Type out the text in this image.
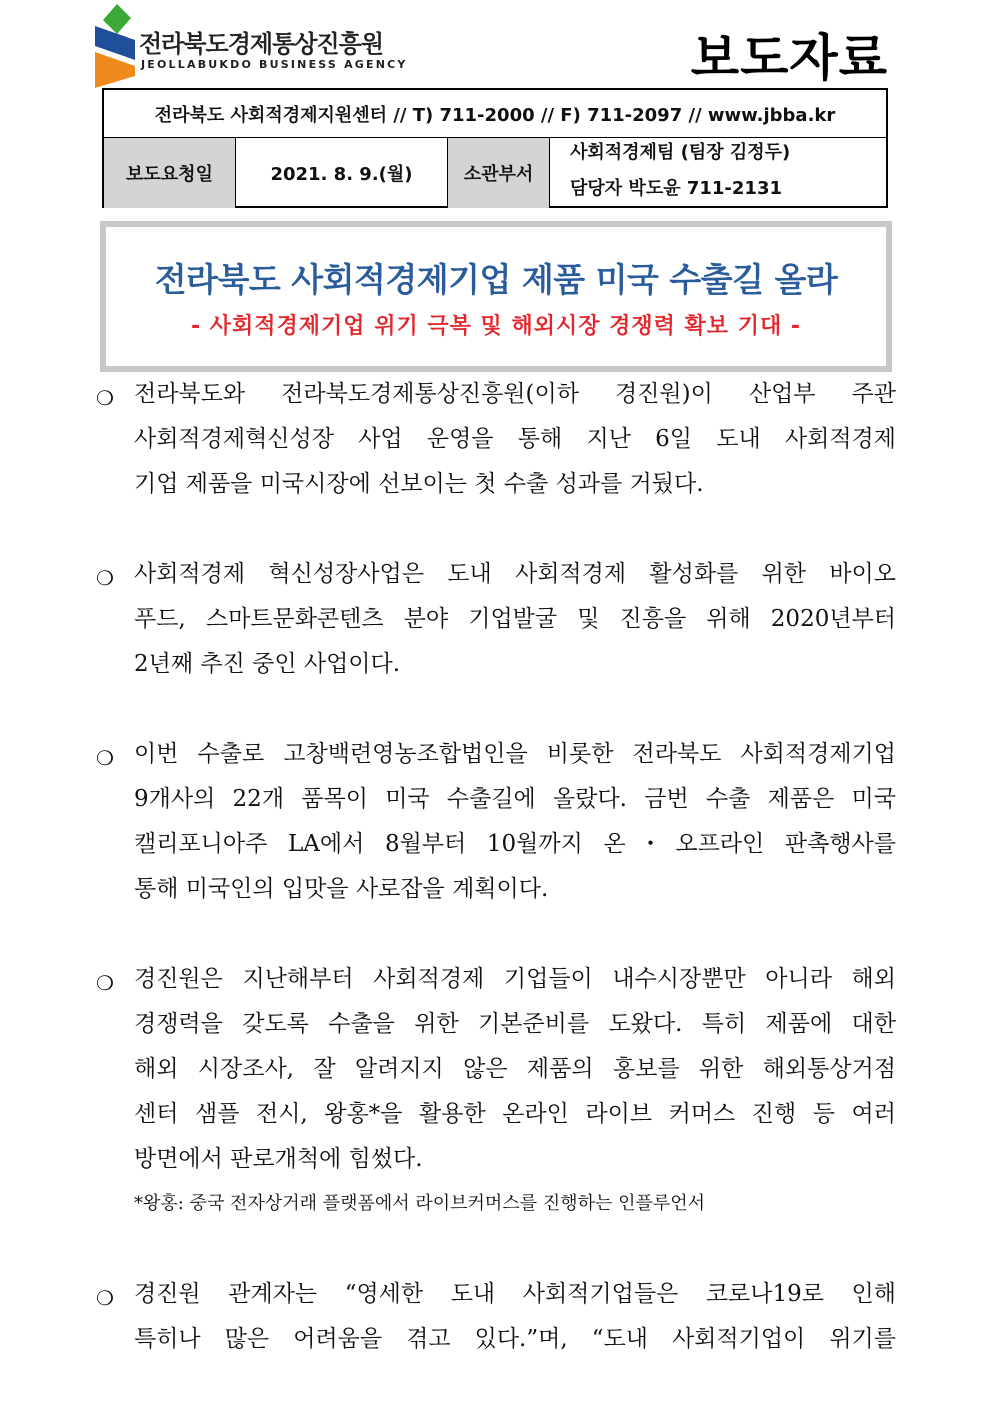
전라북도경제통상진흥원
JEOLLABUKDO BUSINESS AGENCY	보도자료
전라북도 사회적경제지원센터 // T) 711-2000 // F) 711-2097 // www.jbba.kr
보도요청일	2021. 8. 9.(월)	소관부서
사회적경제팀 (팀장 김정두)
담당자 박도윤 711-2131
전라북도 사회적경제기업 제품 미국 수출길 올라
- 사회적경제기업 위기 극복 및 해외시장 경쟁력 확보 기대 -
❍ 전라북도와 전라북도경제통상진흥원(이하 경진원)이 산업부 주관
사회적경제혁신성장 사업 운영을 통해 지난 6일 도내 사회적경제
기업 제품을 미국시장에 선보이는 첫 수출 성과를 거뒀다.
❍ 사회적경제 혁신성장사업은 도내 사회적경제 활성화를 위한 바이오
푸드, 스마트문화콘텐츠 분야 기업발굴 및 진흥을 위해 2020년부터
2년째 추진 중인 사업이다.
❍ 이번 수출로 고창백련영농조합법인을 비롯한 전라북도 사회적경제기업
9개사의 22개 품목이 미국 수출길에 올랐다. 금번 수출 제품은 미국
캘리포니아주 LA에서 8월부터 10월까지 온・오프라인 판촉행사를
통해 미국인의 입맛을 사로잡을 계획이다.
❍ 경진원은 지난해부터 사회적경제 기업들이 내수시장뿐만 아니라 해외
경쟁력을 갖도록 수출을 위한 기본준비를 도왔다. 특히 제품에 대한
해외 시장조사, 잘 알려지지 않은 제품의 홍보를 위한 해외통상거점
센터 샘플 전시, 왕홍*을 활용한 온라인 라이브 커머스 진행 등 여러
방면에서 판로개척에 힘썼다.
*왕홍: 중국 전자상거래 플랫폼에서 라이브커머스를 진행하는 인플루언서
❍ 경진원 관계자는 “영세한 도내 사회적기업들은 코로나19로 인해
특히나 많은 어려움을 겪고 있다.”며, “도내 사회적기업이 위기를
